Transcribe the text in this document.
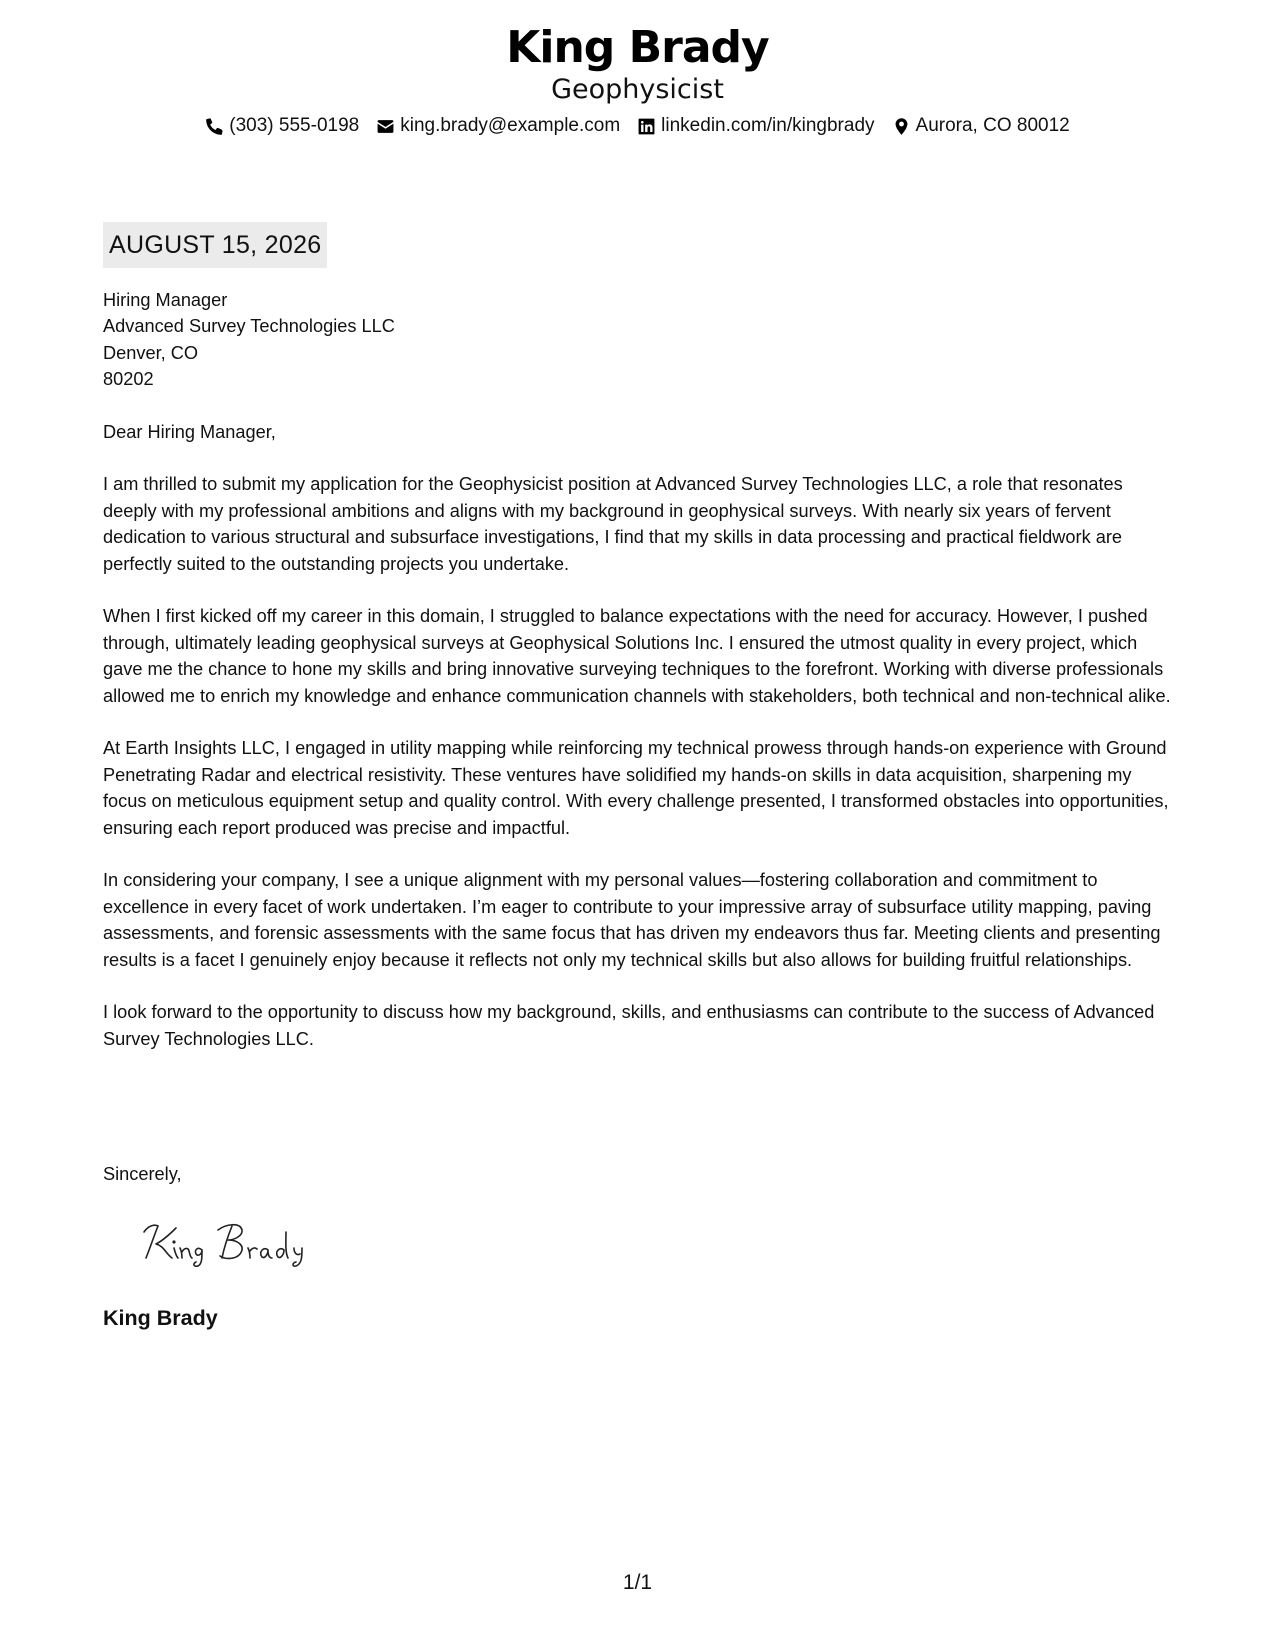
King Brady
Geophysicist
(303) 555-0198 king.brady@example.com linkedin.com/in/kingbrady Aurora, CO 80012
AUGUST 15, 2026
Hiring Manager
Advanced Survey Technologies LLC
Denver, CO
80202
Dear Hiring Manager,
I am thrilled to submit my application for the Geophysicist position at Advanced Survey Technologies LLC, a role that resonates deeply with my professional ambitions and aligns with my background in geophysical surveys. With nearly six years of fervent dedication to various structural and subsurface investigations, I find that my skills in data processing and practical fieldwork are perfectly suited to the outstanding projects you undertake.
When I first kicked off my career in this domain, I struggled to balance expectations with the need for accuracy. However, I pushed through, ultimately leading geophysical surveys at Geophysical Solutions Inc. I ensured the utmost quality in every project, which gave me the chance to hone my skills and bring innovative surveying techniques to the forefront. Working with diverse professionals allowed me to enrich my knowledge and enhance communication channels with stakeholders, both technical and non-technical alike.
At Earth Insights LLC, I engaged in utility mapping while reinforcing my technical prowess through hands-on experience with Ground Penetrating Radar and electrical resistivity. These ventures have solidified my hands-on skills in data acquisition, sharpening my focus on meticulous equipment setup and quality control. With every challenge presented, I transformed obstacles into opportunities, ensuring each report produced was precise and impactful.
In considering your company, I see a unique alignment with my personal values—fostering collaboration and commitment to excellence in every facet of work undertaken. I’m eager to contribute to your impressive array of subsurface utility mapping, paving assessments, and forensic assessments with the same focus that has driven my endeavors thus far. Meeting clients and presenting results is a facet I genuinely enjoy because it reflects not only my technical skills but also allows for building fruitful relationships.
I look forward to the opportunity to discuss how my background, skills, and enthusiasms can contribute to the success of Advanced Survey Technologies LLC.
Sincerely,
King Brady
1/1
